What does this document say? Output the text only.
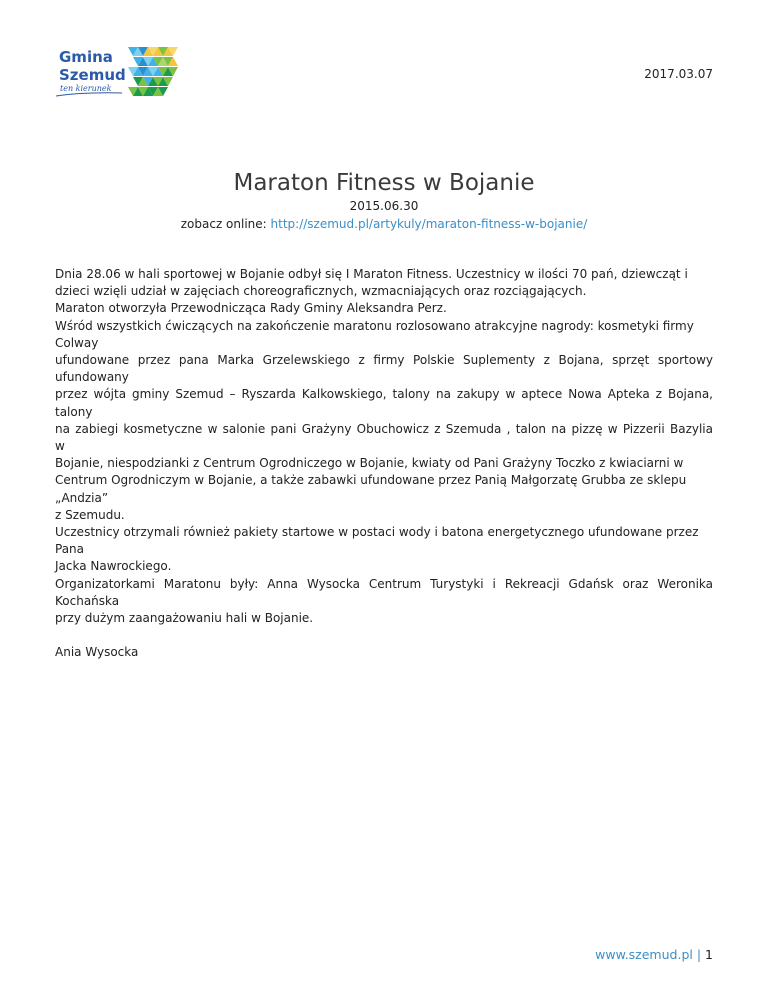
Gmina
Szemud
ten kierunek
2017.03.07
Maraton Fitness w Bojanie
2015.06.30
zobacz online: http://szemud.pl/artykuly/maraton-fitness-w-bojanie/

Dnia 28.06 w hali sportowej w Bojanie odbył się I Maraton Fitness. Uczestnicy w ilości 70 pań, dziewcząt i

dzieci wzięli udział w zajęciach choreograficznych, wzmacniających oraz rozciągających.

Maraton otworzyła Przewodnicząca Rady Gminy Aleksandra Perz.

Wśród wszystkich ćwiczących na zakończenie maratonu rozlosowano atrakcyjne nagrody: kosmetyki firmy

Colway

ufundowane przez pana Marka Grzelewskiego z firmy Polskie Suplementy z Bojana, sprzęt sportowy

ufundowany

przez wójta gminy Szemud – Ryszarda Kalkowskiego, talony na zakupy w aptece Nowa Apteka z Bojana,

talony

na zabiegi kosmetyczne w salonie pani Grażyny Obuchowicz z Szemuda , talon na pizzę w Pizzerii Bazylia

w

Bojanie, niespodzianki z Centrum Ogrodniczego w Bojanie, kwiaty od Pani Grażyny Toczko z kwiaciarni w

Centrum Ogrodniczym w Bojanie, a także zabawki ufundowane przez Panią Małgorzatę Grubba ze sklepu

„Andzia”

z Szemudu.

Uczestnicy otrzymali również pakiety startowe w postaci wody i batona energetycznego ufundowane przez

Pana

Jacka Nawrockiego.

Organizatorkami Maratonu były: Anna Wysocka Centrum Turystyki i Rekreacji Gdańsk oraz Weronika

Kochańska

przy dużym zaangażowaniu hali w Bojanie.

Ania Wysocka

www.szemud.pl | 1
